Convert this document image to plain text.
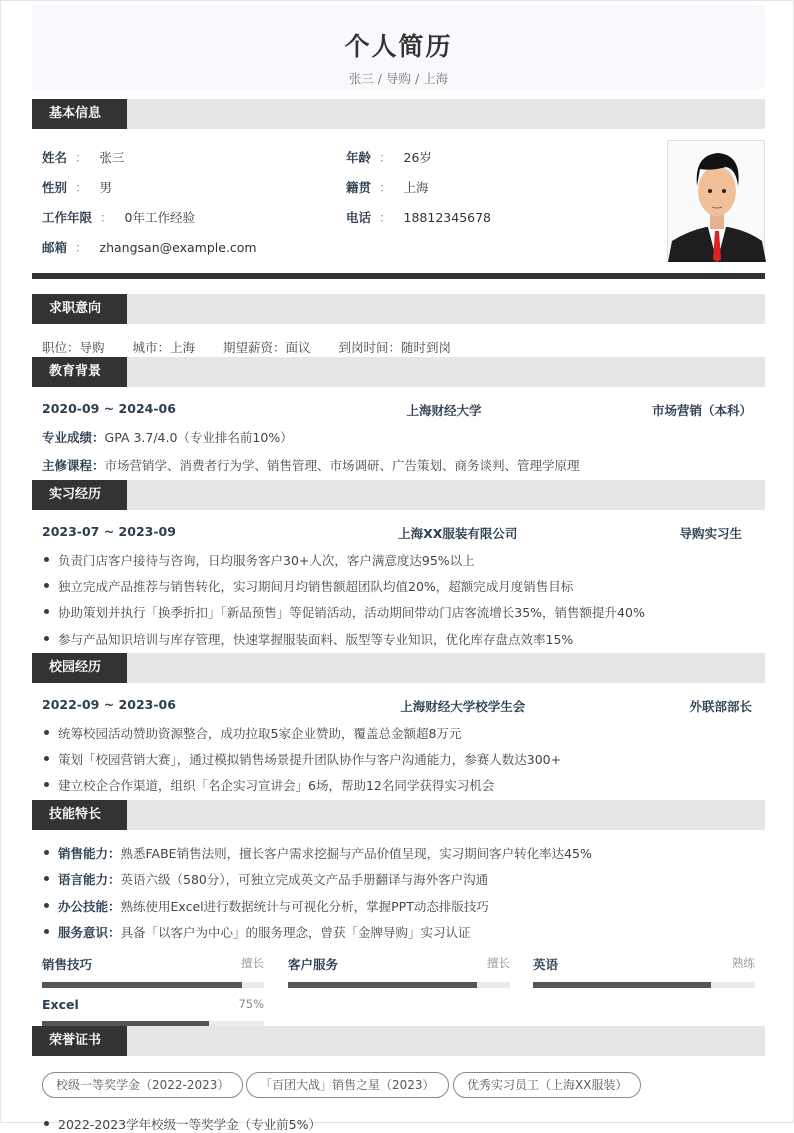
个人简历
张三 / 导购 / 上海
基本信息
姓名 ： 张三	年龄 ： 26岁
性别 ： 男	籍贯 ： 上海
工作年限 ： 0年工作经验	电话 ： 18812345678
邮箱 ： zhangsan@example.com
求职意向
职位：导购 城市：上海 期望薪资：面议 到岗时间：随时到岗
教育背景
2020-09 ~ 2024-06	上海财经大学	市场营销（本科）
专业成绩：GPA 3.7/4.0（专业排名前10%）
主修课程：市场营销学、消费者行为学、销售管理、市场调研、广告策划、商务谈判、管理学原理
实习经历
2023-07 ~ 2023-09	上海XX服装有限公司	导购实习生
负责门店客户接待与咨询，日均服务客户30+人次，客户满意度达95%以上
独立完成产品推荐与销售转化，实习期间月均销售额超团队均值20%，超额完成月度销售目标
协助策划并执行「换季折扣」「新品预售」等促销活动，活动期间带动门店客流增长35%，销售额提升40%
参与产品知识培训与库存管理，快速掌握服装面料、版型等专业知识，优化库存盘点效率15%
校园经历
2022-09 ~ 2023-06	上海财经大学校学生会	外联部部长
统筹校园活动赞助资源整合，成功拉取5家企业赞助，覆盖总金额超8万元
策划「校园营销大赛」，通过模拟销售场景提升团队协作与客户沟通能力，参赛人数达300+
建立校企合作渠道，组织「名企实习宣讲会」6场，帮助12名同学获得实习机会
技能特长
销售能力：熟悉FABE销售法则，擅长客户需求挖掘与产品价值呈现，实习期间客户转化率达45%
语言能力：英语六级（580分），可独立完成英文产品手册翻译与海外客户沟通
办公技能：熟练使用Excel进行数据统计与可视化分析，掌握PPT动态排版技巧
服务意识：具备「以客户为中心」的服务理念，曾获「金牌导购」实习认证
销售技巧	擅长 客户服务	擅长 英语	熟练
Excel	75%
荣誉证书
校级一等奖学金（2022-2023）	「百团大战」销售之星（2023）	优秀实习员工（上海XX服装）
2022-2023学年校级一等奖学金（专业前5%）
